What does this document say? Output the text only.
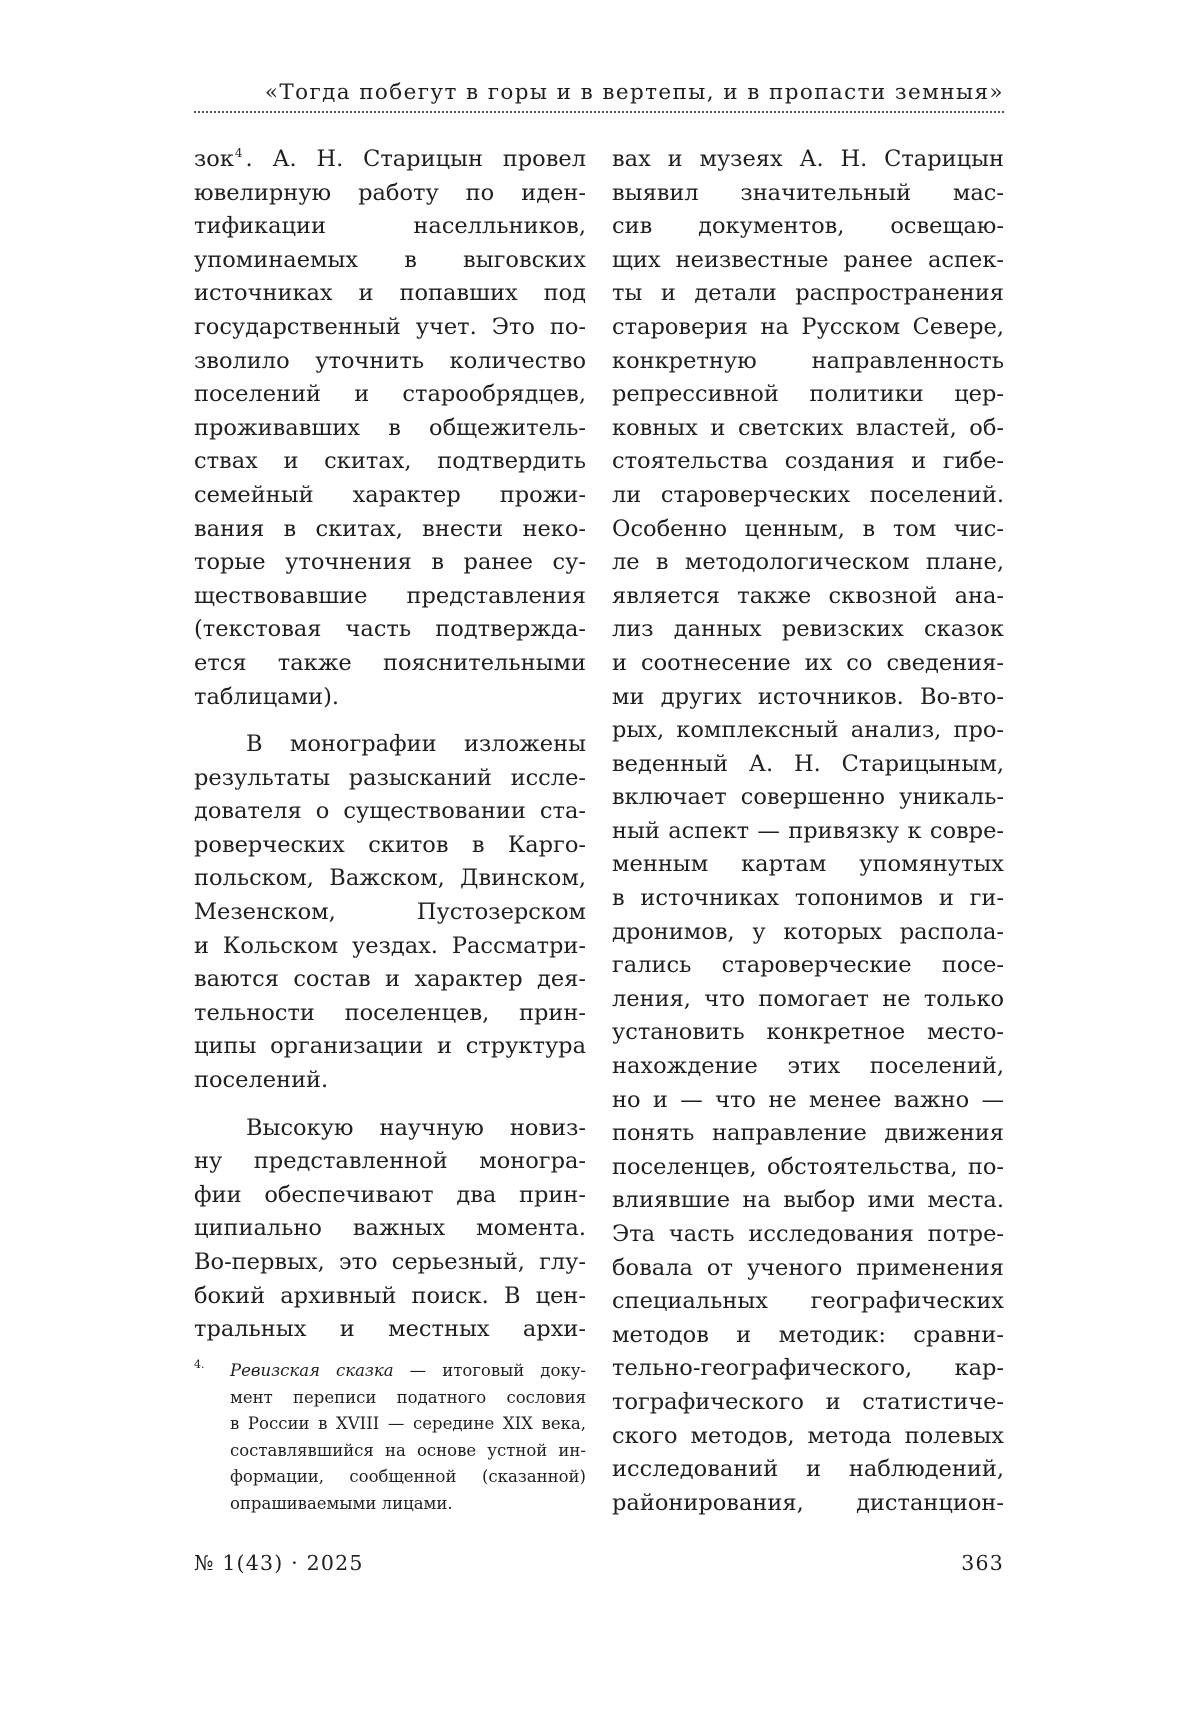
«Тогда побегут в горы и в вертепы, и в пропасти земныя»

зок$^4$ . А. Н. Старицын провел

ювелирную работу по иден-

тификации населльников,

упоминаемых в выговских

источниках и попавших под

государственный учет. Это по-

зволило уточнить количество

поселений и старообрядцев,

проживавших в общежитель-

ствах и скитах, подтвердить

семейный характер прожи-

вания в скитах, внести неко-

торые уточнения в ранее су-

ществовавшие представления

(текстовая часть подтвержда-

ется также пояснительными

таблицами).

В монографии изложены

результаты разысканий иссле-

дователя о существовании ста-

роверческих скитов в Карго-

польском, Важском, Двинском,

Мезенском, Пустозерском

и Кольском уездах. Рассматри-

ваются состав и характер дея-

тельности поселенцев, прин-

ципы организации и структура

поселений.

Высокую научную новиз-

ну представленной моногра-

фии обеспечивают два прин-

ципиально важных момента.

Во-первых, это серьезный, глу-

бокий архивный поиск. В цен-

тральных и местных архи-

4. Ревизская сказка — итоговый доку-

мент переписи податного сословия

в России в XVIII — середине XIX века,

составлявшийся на основе устной ин-

формации, сообщенной (сказанной)

опрашиваемыми лицами.

вах и музеях А. Н. Старицын

выявил значительный мас-

сив документов, освещаю-

щих неизвестные ранее аспек-

ты и детали распространения

староверия на Русском Севере,

конкретную направленность

репрессивной политики цер-

ковных и светских властей, об-

стоятельства создания и гибе-

ли староверческих поселений.

Особенно ценным, в том чис-

ле в методологическом плане,

является также сквозной ана-

лиз данных ревизских сказок

и соотнесение их со сведения-

ми других источников. Во-вто-

рых, комплексный анализ, про-

веденный А. Н. Старицыным,

включает совершенно уникаль-

ный аспект — привязку к совре-

менным картам упомянутых

в источниках топонимов и ги-

дронимов, у которых распола-

гались староверческие посе-

ления, что помогает не только

установить конкретное место-

нахождение этих поселений,

но и — что не менее важно —

понять направление движения

поселенцев, обстоятельства, по-

влиявшие на выбор ими места.

Эта часть исследования потре-

бовала от ученого применения

специальных географических

методов и методик: сравни-

тельно-географического, кар-

тографического и статистиче-

ского методов, метода полевых

исследований и наблюдений,

районирования, дистанцион-

№ 1(43) · 2025	363
